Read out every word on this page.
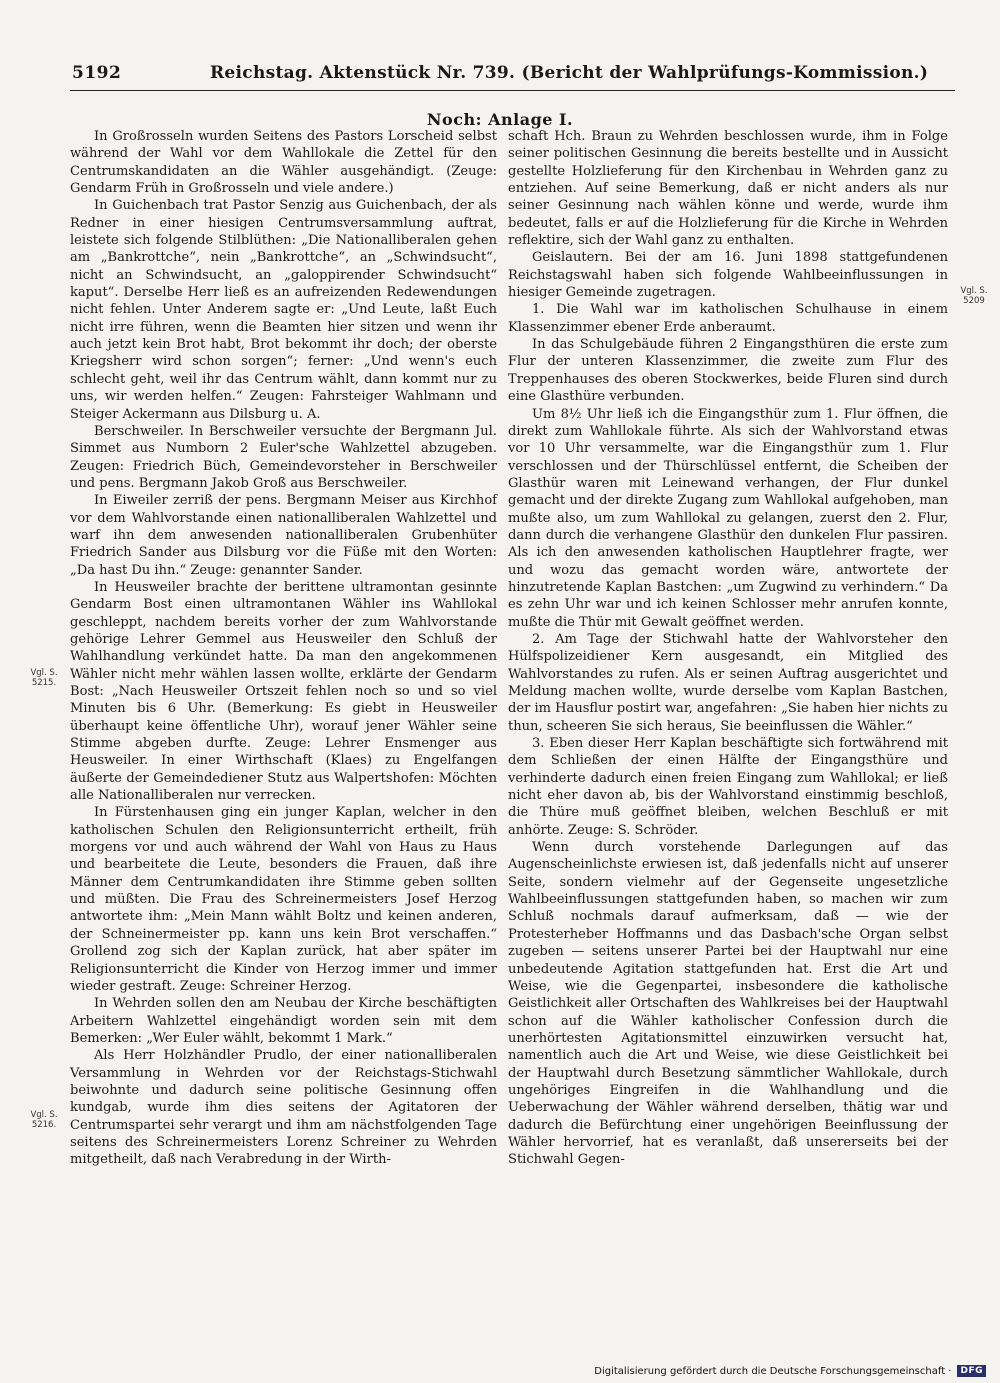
5192	Reichstag. Aktenstück Nr. 739. (Bericht der Wahlprüfungs-Kommission.)
Noch: Anlage I.

In Großrosseln wurden Seitens des Pastors Lorscheid selbst während der Wahl vor dem Wahllokale die Zettel für den Centrumskandidaten an die Wähler ausgehändigt. (Zeuge: Gendarm Früh in Großrosseln und viele andere.)

In Guichenbach trat Pastor Senzig aus Guichenbach, der als Redner in einer hiesigen Centrumsversammlung auftrat, leistete sich folgende Stilblüthen: „Die Nationalliberalen gehen am „Bankrottche“, nein „Bankrottche“, an „Schwindsucht“, nicht an Schwindsucht, an „galoppirender Schwindsucht“ kaput“. Derselbe Herr ließ es an aufreizenden Redewendungen nicht fehlen. Unter Anderem sagte er: „Und Leute, laßt Euch nicht irre führen, wenn die Beamten hier sitzen und wenn ihr auch jetzt kein Brot habt, Brot bekommt ihr doch; der oberste Kriegsherr wird schon sorgen“; ferner: „Und wenn's euch schlecht geht, weil ihr das Centrum wählt, dann kommt nur zu uns, wir werden helfen.“ Zeugen: Fahrsteiger Wahlmann und Steiger Ackermann aus Dilsburg u. A.

Berschweiler. In Berschweiler versuchte der Bergmann Jul. Simmet aus Numborn 2 Euler'sche Wahlzettel abzugeben. Zeugen: Friedrich Büch, Gemeindevorsteher in Berschweiler und pens. Bergmann Jakob Groß aus Berschweiler.

In Eiweiler zerriß der pens. Bergmann Meiser aus Kirchhof vor dem Wahlvorstande einen nationalliberalen Wahlzettel und warf ihn dem anwesenden nationalliberalen Grubenhüter Friedrich Sander aus Dilsburg vor die Füße mit den Worten: „Da hast Du ihn.“ Zeuge: genannter Sander.

In Heusweiler brachte der berittene ultramontan gesinnte Gendarm Bost einen ultramontanen Wähler ins Wahllokal geschleppt, nachdem bereits vorher der zum Wahlvorstande gehörige Lehrer Gemmel aus Heusweiler den Schluß der Wahlhandlung verkündet hatte. Da man den angekommenen Wähler nicht mehr wählen lassen wollte, erklärte der Gendarm Bost: „Nach Heusweiler Ortszeit fehlen noch so und so viel Minuten bis 6 Uhr. (Bemerkung: Es giebt in Heusweiler überhaupt keine öffentliche Uhr), worauf jener Wähler seine Stimme abgeben durfte. Zeuge: Lehrer Ensmenger aus Heusweiler. In einer Wirthschaft (Klaes) zu Engelfangen äußerte der Gemeindediener Stutz aus Walpertshofen: Möchten alle Nationalliberalen nur verrecken.

In Fürstenhausen ging ein junger Kaplan, welcher in den katholischen Schulen den Religionsunterricht ertheilt, früh morgens vor und auch während der Wahl von Haus zu Haus und bearbeitete die Leute, besonders die Frauen, daß ihre Männer dem Centrumkandidaten ihre Stimme geben sollten und müßten. Die Frau des Schreinermeisters Josef Herzog antwortete ihm: „Mein Mann wählt Boltz und keinen anderen, der Schneinermeister pp. kann uns kein Brot verschaffen.“ Grollend zog sich der Kaplan zurück, hat aber später im Religionsunterricht die Kinder von Herzog immer und immer wieder gestraft. Zeuge: Schreiner Herzog.

In Wehrden sollen den am Neubau der Kirche beschäftigten Arbeitern Wahlzettel eingehändigt worden sein mit dem Bemerken: „Wer Euler wählt, bekommt 1 Mark.“

Als Herr Holzhändler Prudlo, der einer nationalliberalen Versammlung in Wehrden vor der Reichstags-Stichwahl beiwohnte und dadurch seine politische Gesinnung offen kundgab, wurde ihm dies seitens der Agitatoren der Centrumspartei sehr verargt und ihm am nächstfolgenden Tage seitens des Schreinermeisters Lorenz Schreiner zu Wehrden mitgetheilt, daß nach Verabredung in der Wirth-

schaft Hch. Braun zu Wehrden beschlossen wurde, ihm in Folge seiner politischen Gesinnung die bereits bestellte und in Aussicht gestellte Holzlieferung für den Kirchenbau in Wehrden ganz zu entziehen. Auf seine Bemerkung, daß er nicht anders als nur seiner Gesinnung nach wählen könne und werde, wurde ihm bedeutet, falls er auf die Holzlieferung für die Kirche in Wehrden reflektire, sich der Wahl ganz zu enthalten.

Geislautern. Bei der am 16. Juni 1898 stattgefundenen Reichstagswahl haben sich folgende Wahlbeeinflussungen in hiesiger Gemeinde zugetragen.

1. Die Wahl war im katholischen Schulhause in einem Klassenzimmer ebener Erde anberaumt.

In das Schulgebäude führen 2 Eingangsthüren die erste zum Flur der unteren Klassenzimmer, die zweite zum Flur des Treppenhauses des oberen Stockwerkes, beide Fluren sind durch eine Glasthüre verbunden.

Um 8½ Uhr ließ ich die Eingangsthür zum 1. Flur öffnen, die direkt zum Wahllokale führte. Als sich der Wahlvorstand etwas vor 10 Uhr versammelte, war die Eingangsthür zum 1. Flur verschlossen und der Thürschlüssel entfernt, die Scheiben der Glasthür waren mit Leinewand verhangen, der Flur dunkel gemacht und der direkte Zugang zum Wahllokal aufgehoben, man mußte also, um zum Wahllokal zu gelangen, zuerst den 2. Flur, dann durch die verhangene Glasthür den dunkelen Flur passiren. Als ich den anwesenden katholischen Hauptlehrer fragte, wer und wozu das gemacht worden wäre, antwortete der hinzutretende Kaplan Bastchen: „um Zugwind zu verhindern.“ Da es zehn Uhr war und ich keinen Schlosser mehr anrufen konnte, mußte die Thür mit Gewalt geöffnet werden.

2. Am Tage der Stichwahl hatte der Wahlvorsteher den Hülfspolizeidiener Kern ausgesandt, ein Mitglied des Wahlvorstandes zu rufen. Als er seinen Auftrag ausgerichtet und Meldung machen wollte, wurde derselbe vom Kaplan Bastchen, der im Hausflur postirt war, angefahren: „Sie haben hier nichts zu thun, scheeren Sie sich heraus, Sie beeinflussen die Wähler.“

3. Eben dieser Herr Kaplan beschäftigte sich fortwährend mit dem Schließen der einen Hälfte der Eingangsthüre und verhinderte dadurch einen freien Eingang zum Wahllokal; er ließ nicht eher davon ab, bis der Wahlvorstand einstimmig beschloß, die Thüre muß geöffnet bleiben, welchen Beschluß er mit anhörte. Zeuge: S. Schröder.

Wenn durch vorstehende Darlegungen auf das Augenscheinlichste erwiesen ist, daß jedenfalls nicht auf unserer Seite, sondern vielmehr auf der Gegenseite ungesetzliche Wahlbeeinflussungen stattgefunden haben, so machen wir zum Schluß nochmals darauf aufmerksam, daß — wie der Protesterheber Hoffmanns und das Dasbach'sche Organ selbst zugeben — seitens unserer Partei bei der Hauptwahl nur eine unbedeutende Agitation stattgefunden hat. Erst die Art und Weise, wie die Gegenpartei, insbesondere die katholische Geistlichkeit aller Ortschaften des Wahlkreises bei der Hauptwahl schon auf die Wähler katholischer Confession durch die unerhörtesten Agitationsmittel einzuwirken versucht hat, namentlich auch die Art und Weise, wie diese Geistlichkeit bei der Hauptwahl durch Besetzung sämmtlicher Wahllokale, durch ungehöriges Eingreifen in die Wahlhandlung und die Ueberwachung der Wähler während derselben, thätig war und dadurch die Befürchtung einer ungehörigen Beeinflussung der Wähler hervorrief, hat es veranlaßt, daß unsererseits bei der Stichwahl Gegen-

Vgl. S. 5215.
Vgl. S. 5216.
Vgl. S. 5209
Digitalisierung gefördert durch die Deutsche Forschungsgemeinschaft ·	DFG
